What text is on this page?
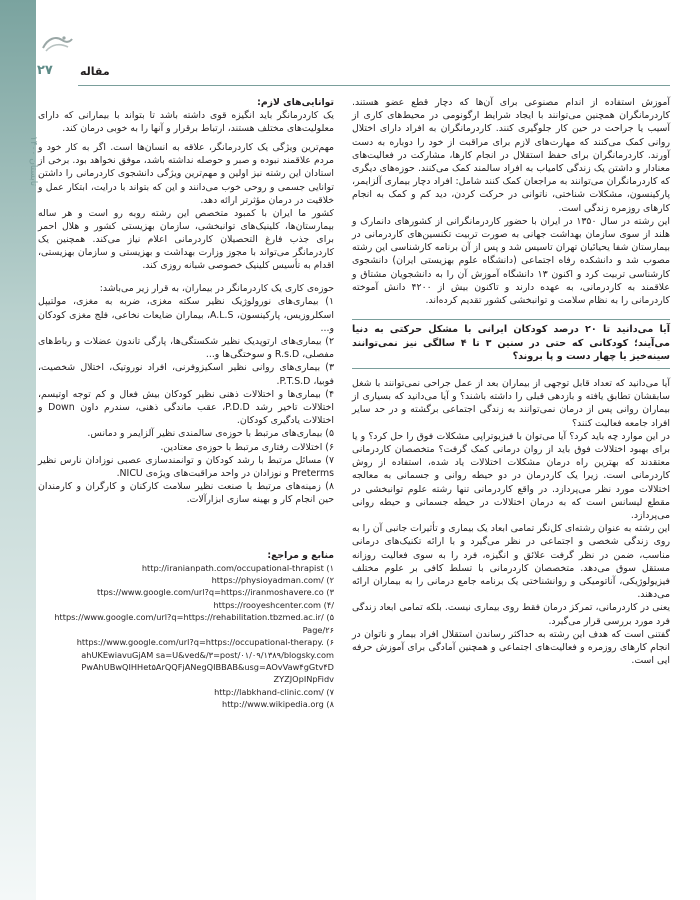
۲۷ مقاله
تابستان ۱۴۰۰

آموزش استفاده از اندام مصنوعی برای آن‌ها که دچار قطع عضو هستند. کاردرمانگران همچنین می‌توانند با ایجاد شرایط ارگونومی در محیط‌های کاری از آسیب یا جراحت در حین کار جلوگیری کنند. کاردرمانگران به افراد دارای اختلال روانی کمک می‌کنند که مهارت‌های لازم برای مراقبت از خود را دوباره به دست آورند. کاردرمانگران برای حفظ استقلال در انجام کارها، مشارکت در فعالیت‌های معنادار و داشتن یک زندگی کامیاب به افراد سالمند کمک می‌کنند. حوزه‌های دیگری که کاردرمانگران می‌توانند به مراجعان کمک کنند شامل: افراد دچار بیماری آلزایمر، پارکینسون، مشکلات شناختی، ناتوانی در حرکت کردن، دید کم و کمک به انجام کارهای روزمره زندگی است.

این رشته در سال ۱۳۵۰ در ایران با حضور کاردرمانگرانی از کشورهای دانمارک و هلند از سوی سازمان بهداشت جهانی به صورت تربیت تکنسین‌های کاردرمانی در بیمارستان شفا یحیائیان تهران تاسیس شد و پس از آن برنامه کارشناسی این رشته مصوب شد و دانشکده رفاه اجتماعی (دانشگاه علوم بهزیستی ایران) دانشجوی کارشناسی تربیت کرد و اکنون ۱۳ دانشگاه آموزش آن را به دانشجویان مشتاق و علاقمند به کاردرمانی، به عهده دارند و تاکنون بیش از ۴۲۰۰ دانش آموخته کاردرمانی را به نظام سلامت و توانبخشی کشور تقدیم کرده‌اند.

آیا می‌دانید تا ۲۰ درصد کودکان ایرانی با مشکل حرکتی به دنیا می‌آیند؛ کودکانی که حتی در سنین ۳ تا ۴ سالگی نیز نمی‌توانند سینه‌خیز یا چهار دست و پا بروند؟

آیا می‌دانید که تعداد قابل توجهی از بیماران بعد از عمل جراحی نمی‌توانند با شغل سابقشان تطابق یافته و بازدهی قبلی را داشته باشند؟ و آیا می‌دانید که بسیاری از بیماران روانی پس از درمان نمی‌توانند به زندگی اجتماعی برگشته و در حد سایر افراد جامعه فعالیت کنند؟

در این موارد چه باید کرد؟ آیا می‌توان با فیزیوتراپی مشکلات فوق را حل کرد؟ و یا برای بهبود اختلالات فوق باید از روان درمانی کمک گرفت؟ متخصصان کاردرمانی معتقدند که بهترین راه درمان مشکلات اختلالات یاد شده، استفاده از روش کاردرمانی است. زیرا یک کاردرمان در دو حیطه روانی و جسمانی به معالجه اختلالات مورد نظر می‌پردازد. در واقع کاردرمانی تنها رشته علوم توانبخشی در مقطع لیسانس است که به درمان اختلالات در حیطه جسمانی و حیطه روانی می‌پردازد.

این رشته به عنوان رشته‌ای کل‌نگر تمامی ابعاد یک بیماری و تأثیرات جانبی آن را به روی زندگی شخصی و اجتماعی در نظر می‌گیرد و با ارائه تکنیک‌های درمانی مناسب، ضمن در نظر گرفت علائق و انگیزه، فرد را به سوی فعالیت روزانه مستقل سوق می‌دهد. متخصصان کاردرمانی با تسلط کافی بر علوم مختلف فیزیولوژیکی، آناتومیکی و روانشناختی یک برنامه جامع درمانی را به بیماران ارائه می‌دهند.

یعنی در کاردرمانی، تمرکز درمان فقط روی بیماری نیست. بلکه تمامی ابعاد زندگی فرد مورد بررسی قرار می‌گیرد.

گفتنی است که هدف این رشته به حداکثر رساندن استقلال افراد بیمار و ناتوان در انجام کارهای روزمره و فعالیت‌های اجتماعی و همچنین آمادگی برای آموزش حرفه ایی است.

توانایی‌های لازم:

یک کاردرمانگر باید انگیزه قوی داشته باشد تا بتواند با بیمارانی که دارای معلولیت‌های مختلف هستند، ارتباط برقرار و آنها را به خوبی درمان کند.

مهم‌ترین ویژگی یک کاردرمانگر، علاقه به انسان‌ها است. اگر به کار خود و مردم علاقمند نبوده و صبر و حوصله نداشته باشد، موفق نخواهد بود. برخی از استادان این رشته نیز اولین و مهم‌ترین ویژگی دانشجوی کاردرمانی را داشتن توانایی جسمی و روحی خوب می‌دانند و این که بتواند با درایت، ابتکار عمل و خلاقیت در درمان مؤثرتر ارائه دهد.

کشور ما ایران با کمبود متخصص این رشته روبه رو است و هر ساله بیمارستان‌ها، کلینیک‌های توانبخشی، سازمان بهزیستی کشور و هلال احمر برای جذب فارغ التحصیلان کاردرمانی اعلام نیاز می‌کند. همچنین یک کاردرمانگر می‌تواند با مجوز وزارت بهداشت و بهزیستی و سازمان بهزیستی، اقدام به تأسیس کلینیک خصوصی شبانه روزی کند.

حوزه‌ی کاری یک کاردرمانگر در بیماران، به قرار زیر می‌باشد:

۱) بیماری‌های نورولوژیک نظیر سکته مغزی، ضربه به مغزی، مولتیپل اسکلروزیس، پارکینسون، A.L.S، بیماران ضایعات نخاعی، فلج مغزی کودکان و...
۲) بیماری‌های ارتوپدیک نظیر شکستگی‌ها، پارگی تاندون عضلات و رباط‌های مفصلی، R.s.D و سوختگی‌ها و...
۳) بیماری‌های روانی نظیر اسکیزوفرنی، افراد نوروتیک، اختلال شخصیت، فوبیا، P.T.S.D.
۴) بیماری‌ها و اختلالات ذهنی نظیر کودکان بیش فعال و کم توجه اوتیسم، اختلالات تاخیر رشد P.D.D، عقب ماندگی ذهنی، سندرم داون Down و اختلالات یادگیری کودکان.
۵) بیماری‌های مرتبط با حوزه‌ی سالمندی نظیر آلزایمر و دمانس.
۶) اختلالات رفتاری مرتبط با حوزه‌ی معتادین.
۷) مسائل مرتبط با رشد کودکان و توانمندسازی عصبی نوزادان نارس نظیر Preterms و نوزادان در واحد مراقبت‌های ویژه‌ی NICU.
۸) زمینه‌های مرتبط با صنعت نظیر سلامت کارکنان و کارگران و کارمندان حین انجام کار و بهینه سازی ابزارآلات.

منابع و مراجع:

http://iranianpath.com/occupational-thrapist (۱
https://physioyadman.com/ (۲
ttps://www.google.com/url?q=https://iranmoshavere.co (۳
/https://rooyeshcenter.com (۴
https://www.google.com/url?q=https://rehabilitation.tbzmed.ac.ir/ (۵
۲۶/Page
https://www.google.com/url?q=https://occupational-therapy. (۶
ahUKEwiavuGjAM sa=U&ved&/۳=post/۰۱/۰۹/۱۳۸۹/blogsky.com
PwAhUBwQIHHet۵ArQQFjANegQIBBAB&usg=AOvVaw۴gGtv۴D
ZYZJOpINpFidv
http://labkhand-clinic.com/ (۷
http://www.wikipedia.org (۸
